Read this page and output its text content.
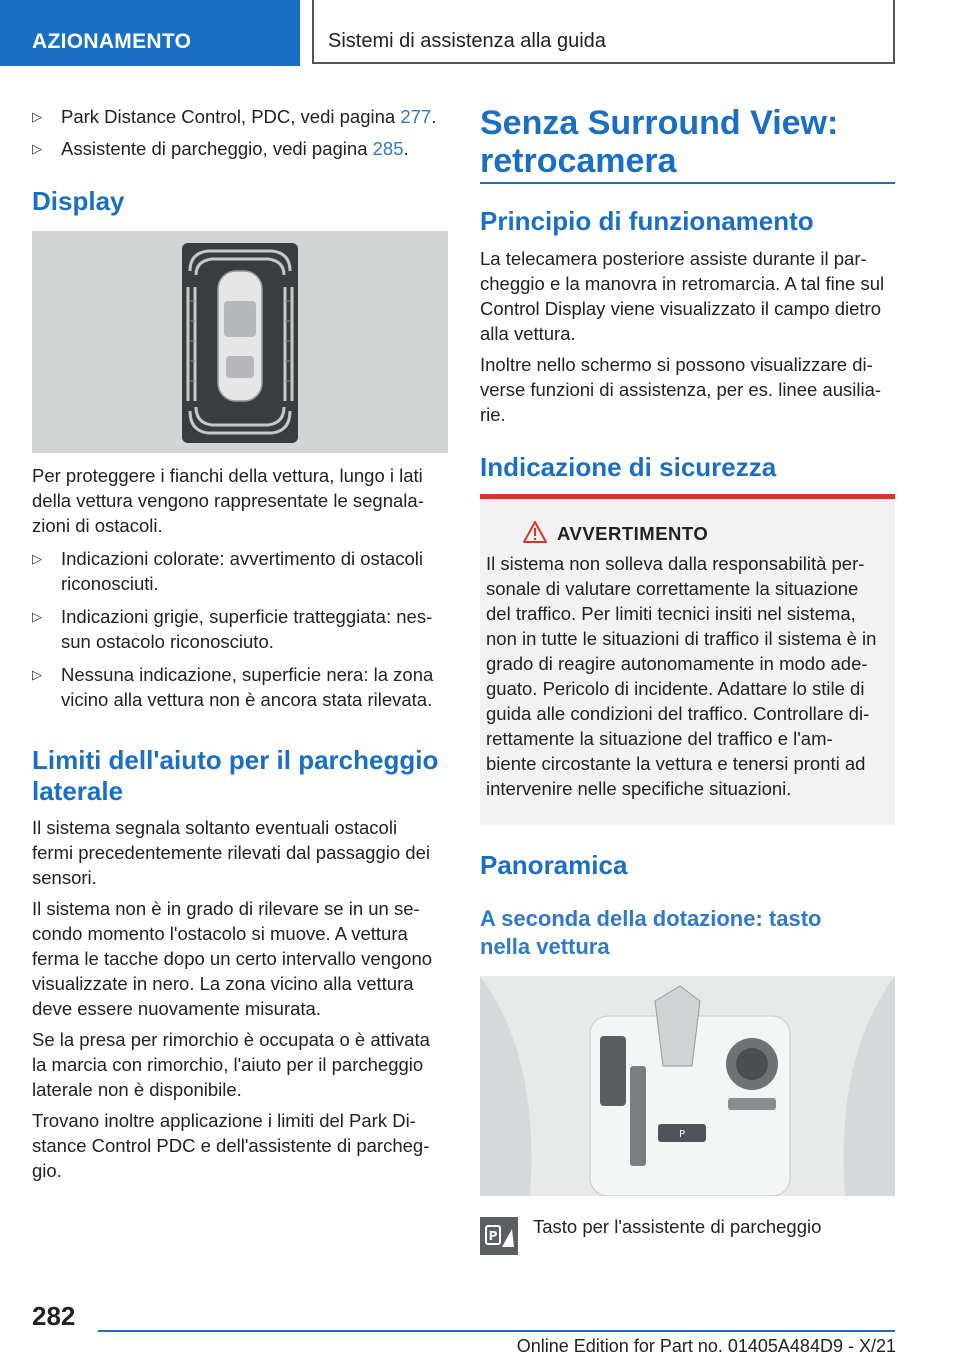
AZIONAMENTO	Sistemi di assistenza alla guida
▷ Park Distance Control, PDC, vedi pagina 277.
▷ Assistente di parcheggio, vedi pagina 285.
Display

Per proteggere i fianchi della vettura, lungo i lati

della vettura vengono rappresentate le segnala-

zioni di ostacoli.

▷ Indicazioni colorate: avvertimento di ostacoli

riconosciuti.

▷ Indicazioni grigie, superficie tratteggiata: nes-

sun ostacolo riconosciuto.

▷ Nessuna indicazione, superficie nera: la zona

vicino alla vettura non è ancora stata rilevata.

Limiti dell'aiuto per il parcheggio
laterale

Il sistema segnala soltanto eventuali ostacoli

fermi precedentemente rilevati dal passaggio dei

sensori.

Il sistema non è in grado di rilevare se in un se-

condo momento l'ostacolo si muove. A vettura

ferma le tacche dopo un certo intervallo vengono

visualizzate in nero. La zona vicino alla vettura

deve essere nuovamente misurata.

Se la presa per rimorchio è occupata o è attivata

la marcia con rimorchio, l'aiuto per il parcheggio

laterale non è disponibile.

Trovano inoltre applicazione i limiti del Park Di-

stance Control PDC e dell'assistente di parcheg-

gio.

Senza Surround View:
retrocamera
Principio di funzionamento

La telecamera posteriore assiste durante il par-

cheggio e la manovra in retromarcia. A tal fine sul

Control Display viene visualizzato il campo dietro

alla vettura.

Inoltre nello schermo si possono visualizzare di-

verse funzioni di assistenza, per es. linee ausilia-

rie.

Indicazione di sicurezza
AVVERTIMENTO

Il sistema non solleva dalla responsabilità per-

sonale di valutare correttamente la situazione

del traffico. Per limiti tecnici insiti nel sistema,

non in tutte le situazioni di traffico il sistema è in

grado di reagire autonomamente in modo ade-

guato. Pericolo di incidente. Adattare lo stile di

guida alle condizioni del traffico. Controllare di-

rettamente la situazione del traffico e l'am-

biente circostante la vettura e tenersi pronti ad

intervenire nelle specifiche situazioni.

Panoramica
A seconda della dotazione: tasto
nella vettura
P
P Tasto per l'assistente di parcheggio
282
Online Edition for Part no. 01405A484D9 - X/21
